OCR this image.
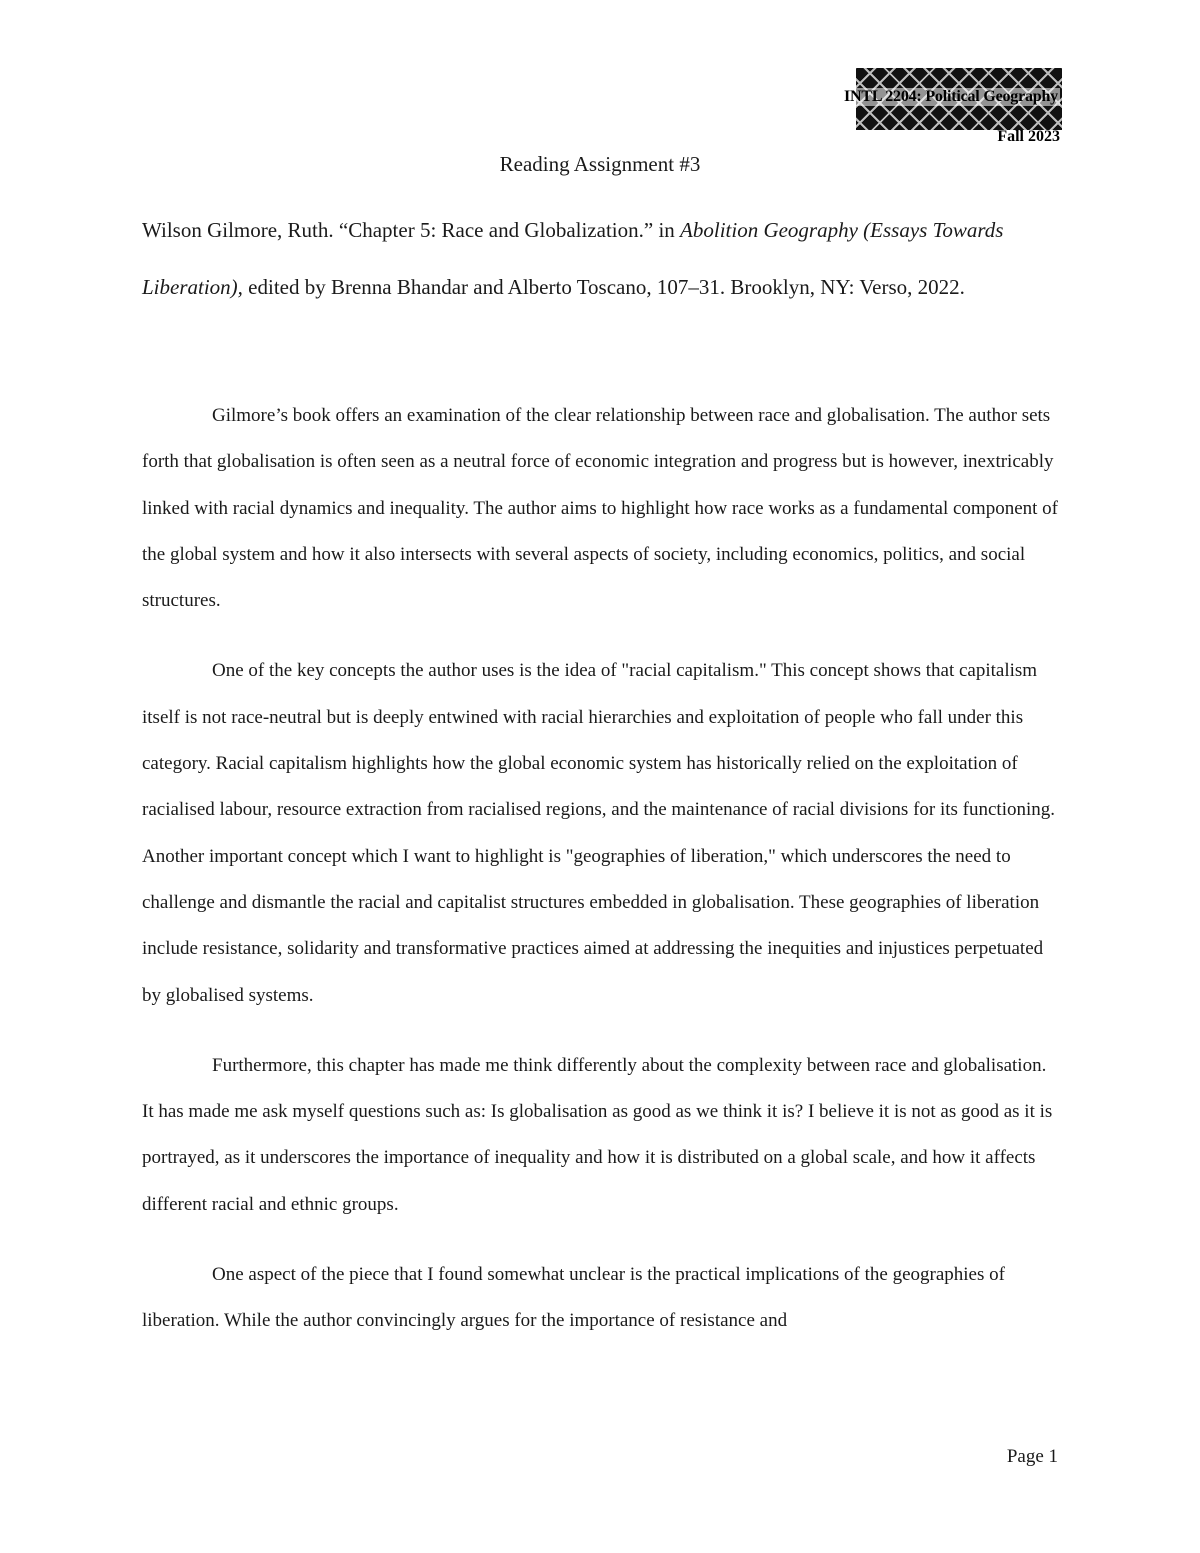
INTL 2204: Political Geography
Fall 2023
Reading Assignment #3

Wilson Gilmore, Ruth. “Chapter 5: Race and Globalization.” in Abolition Geography (Essays Towards Liberation), edited by Brenna Bhandar and Alberto Toscano, 107–31. Brooklyn, NY: Verso, 2022.

Gilmore’s book offers an examination of the clear relationship between race and globalisation. The author sets forth that globalisation is often seen as a neutral force of economic integration and progress but is however, inextricably linked with racial dynamics and inequality. The author aims to highlight how race works as a fundamental component of the global system and how it also intersects with several aspects of society, including economics, politics, and social structures.

One of the key concepts the author uses is the idea of "racial capitalism." This concept shows that capitalism itself is not race-neutral but is deeply entwined with racial hierarchies and exploitation of people who fall under this category. Racial capitalism highlights how the global economic system has historically relied on the exploitation of racialised labour, resource extraction from racialised regions, and the maintenance of racial divisions for its functioning. Another important concept which I want to highlight is "geographies of liberation," which underscores the need to challenge and dismantle the racial and capitalist structures embedded in globalisation. These geographies of liberation include resistance, solidarity and transformative practices aimed at addressing the inequities and injustices perpetuated by globalised systems.

Furthermore, this chapter has made me think differently about the complexity between race and globalisation. It has made me ask myself questions such as: Is globalisation as good as we think it is? I believe it is not as good as it is portrayed, as it underscores the importance of inequality and how it is distributed on a global scale, and how it affects different racial and ethnic groups.

One aspect of the piece that I found somewhat unclear is the practical implications of the geographies of liberation. While the author convincingly argues for the importance of resistance and

Page 1
